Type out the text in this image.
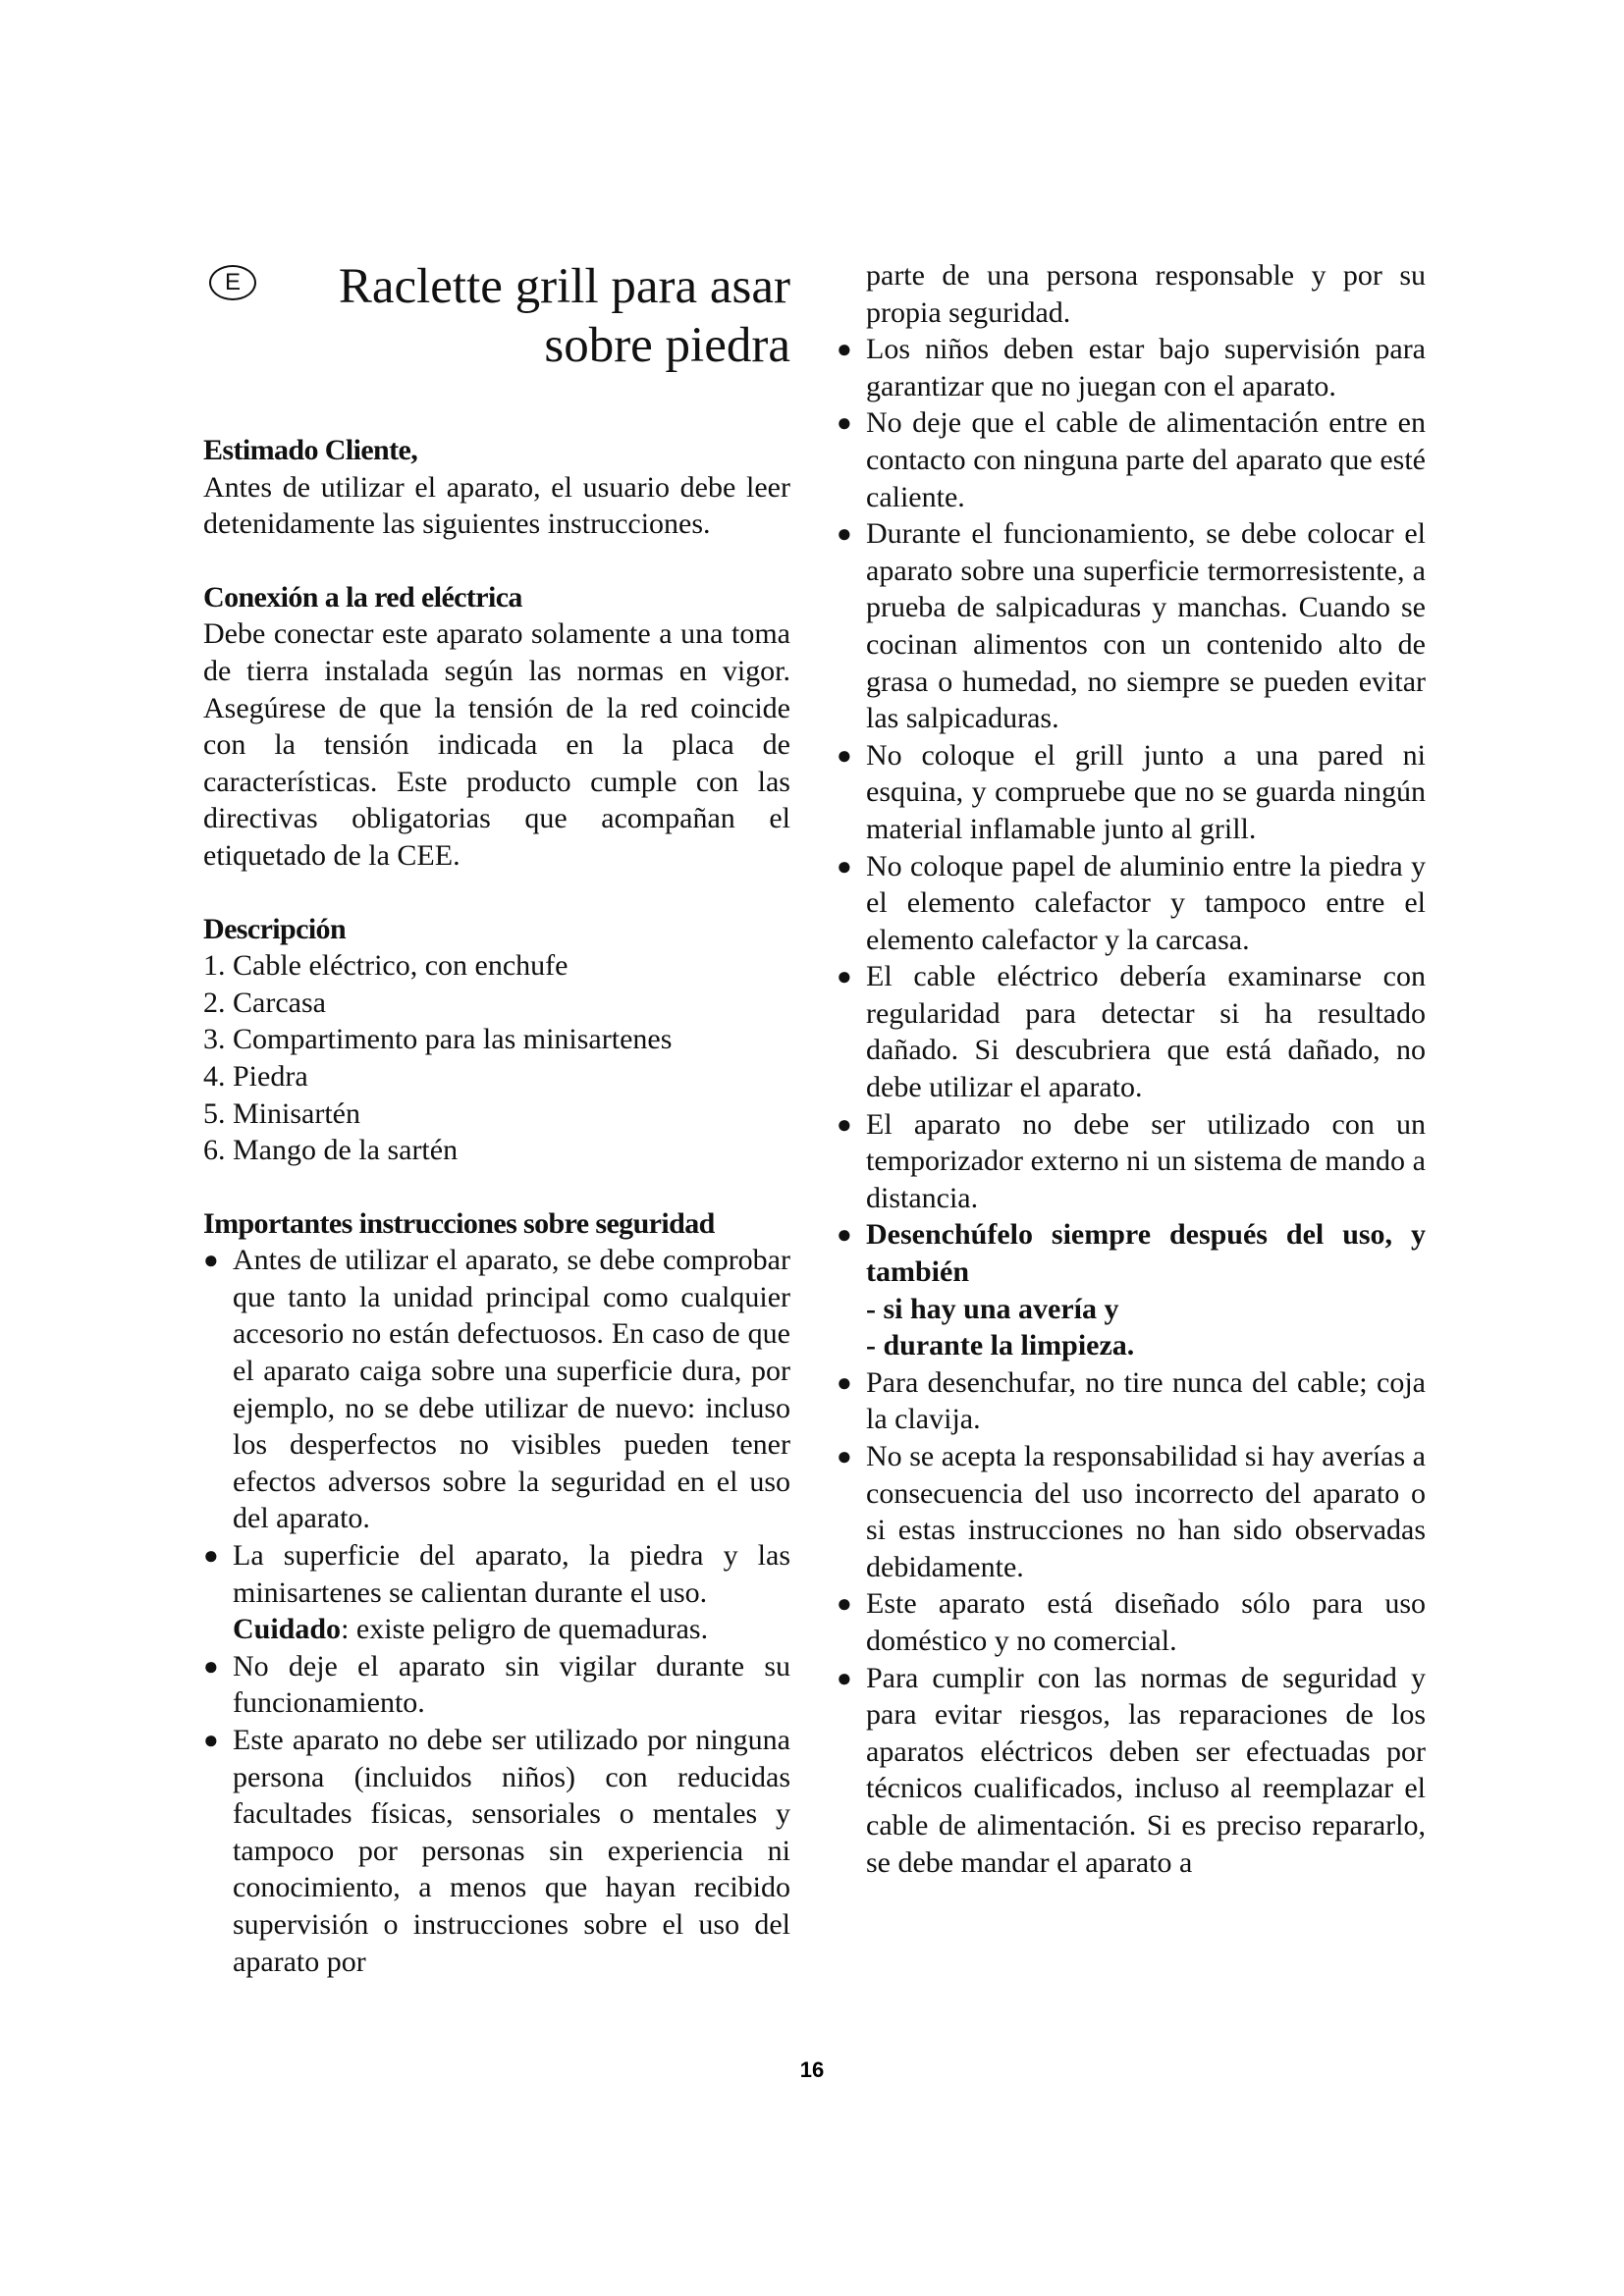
E	Raclette grill para asar
sobre piedra
Estimado Cliente,

Antes de utilizar el aparato, el usuario debe leer detenidamente las siguientes instrucciones.

Conexión a la red eléctrica

Debe conectar este aparato solamente a una toma de tierra instalada según las normas en vigor. Asegúrese de que la tensión de la red coincide con la tensión indicada en la placa de características. Este producto cumple con las directivas obligatorias que acompañan el etiquetado de la CEE.

Descripción
1. Cable eléctrico, con enchufe
2. Carcasa
3. Compartimento para las minisartenes
4. Piedra
5. Minisartén
6. Mango de la sartén
Importantes instrucciones sobre seguridad
● Antes de utilizar el aparato, se debe comprobar que tanto la unidad principal como cualquier accesorio no están defectuosos. En caso de que el aparato caiga sobre una superficie dura, por ejemplo, no se debe utilizar de nuevo: incluso los desperfectos no visibles pueden tener efectos adversos sobre la seguridad en el uso del aparato.
● La superficie del aparato, la piedra y las minisartenes se calientan durante el uso.
Cuidado: existe peligro de quemaduras.
● No deje el aparato sin vigilar durante su funcionamiento.
● Este aparato no debe ser utilizado por ninguna persona (incluidos niños) con reducidas facultades físicas, sensoriales o mentales y tampoco por personas sin experiencia ni conocimiento, a menos que hayan recibido supervisión o instrucciones sobre el uso del aparato por

parte de una persona responsable y por su propia seguridad.

● Los niños deben estar bajo supervisión para garantizar que no juegan con el aparato.
● No deje que el cable de alimentación entre en contacto con ninguna parte del aparato que esté caliente.
● Durante el funcionamiento, se debe colocar el aparato sobre una superficie termorresistente, a prueba de salpicaduras y manchas. Cuando se cocinan alimentos con un contenido alto de grasa o humedad, no siempre se pueden evitar las salpicaduras.
● No coloque el grill junto a una pared ni esquina, y compruebe que no se guarda ningún material inflamable junto al grill.
● No coloque papel de aluminio entre la piedra y el elemento calefactor y tampoco entre el elemento calefactor y la carcasa.
● El cable eléctrico debería examinarse con regularidad para detectar si ha resultado dañado. Si descubriera que está dañado, no debe utilizar el aparato.
● El aparato no debe ser utilizado con un temporizador externo ni un sistema de mando a distancia.
● Desenchúfelo siempre después del uso, y también
- si hay una avería y
- durante la limpieza.
● Para desenchufar, no tire nunca del cable; coja la clavija.
● No se acepta la responsabilidad si hay averías a consecuencia del uso incorrecto del aparato o si estas instrucciones no han sido observadas debidamente.
● Este aparato está diseñado sólo para uso doméstico y no comercial.
● Para cumplir con las normas de seguridad y para evitar riesgos, las reparaciones de los aparatos eléctricos deben ser efectuadas por técnicos cualificados, incluso al reemplazar el cable de alimentación. Si es preciso repararlo, se debe mandar el aparato a
16
